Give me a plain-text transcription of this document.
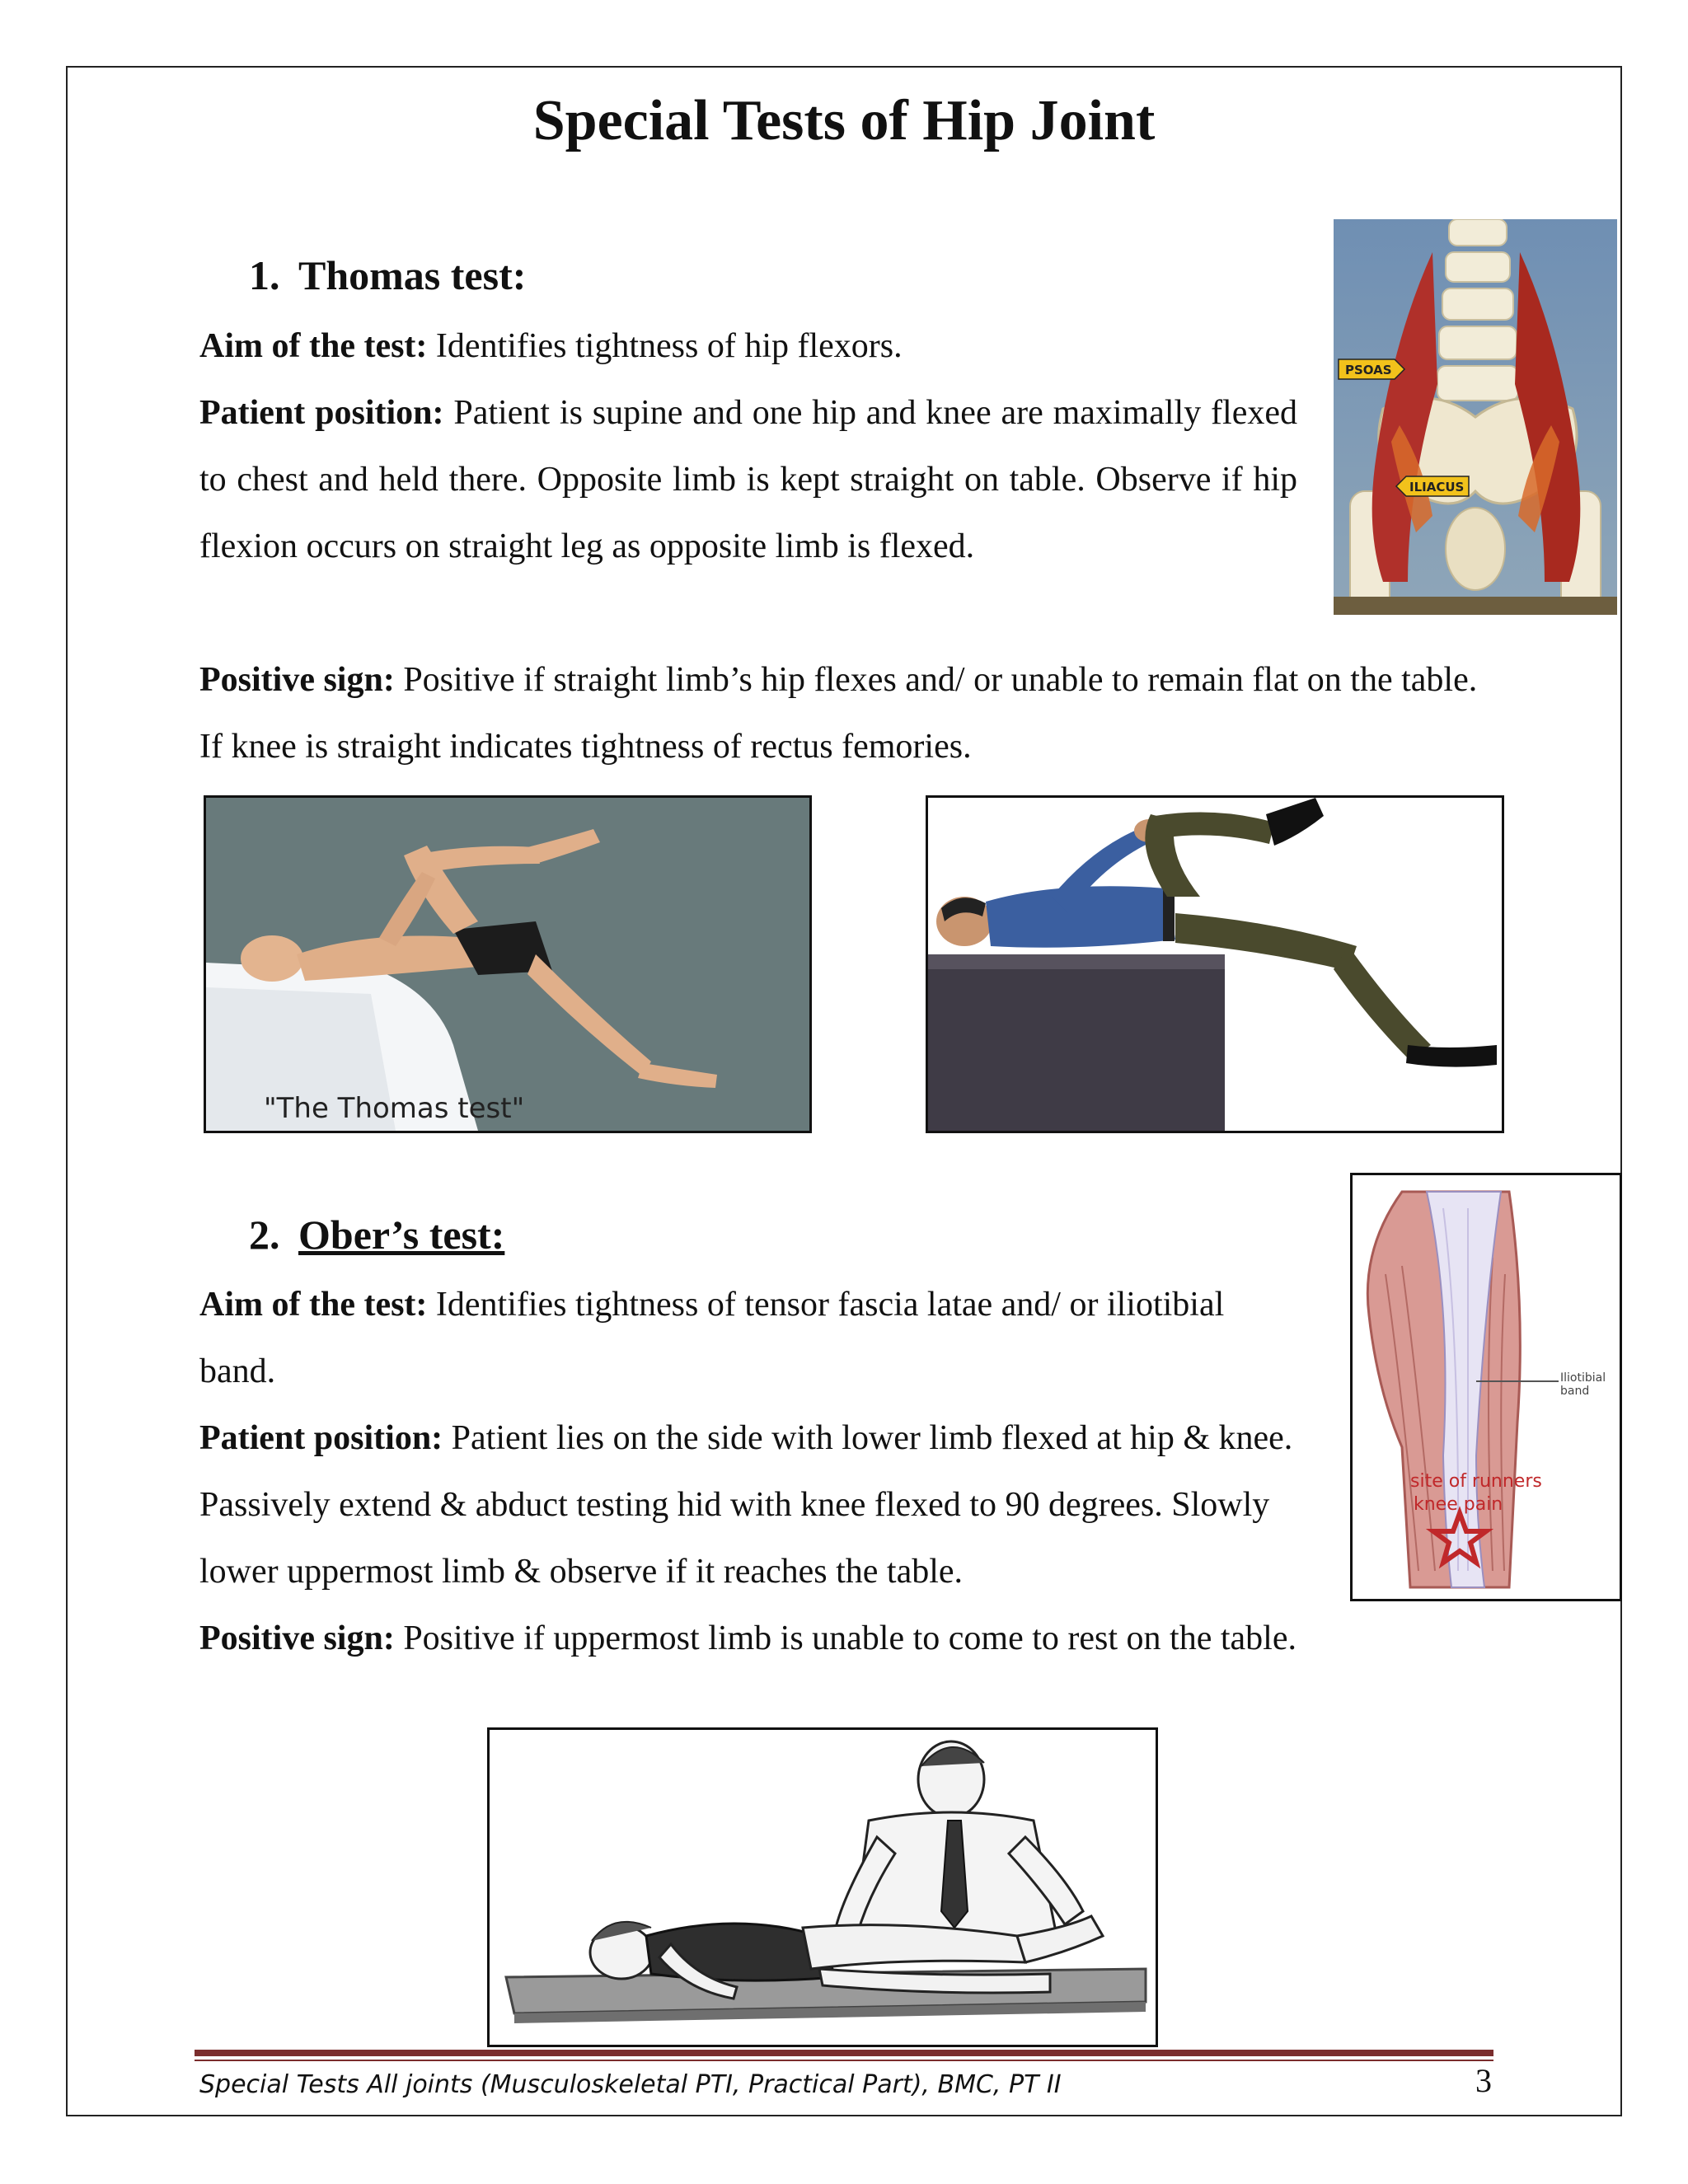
Special Tests of Hip Joint
1. Thomas test:

Aim of the test: Identifies tightness of hip flexors.

Patient position: Patient is supine and one hip and knee are maximally flexed to chest and held there. Opposite limb is kept straight on table. Observe if hip flexion occurs on straight leg as opposite limb is flexed.

Positive sign: Positive if straight limb’s hip flexes and/ or unable to remain flat on the table. If knee is straight indicates tightness of rectus femories.

PSOAS
ILIACUS
"The Thomas test"
2. Ober’s test:

Aim of the test: Identifies tightness of tensor fascia latae and/ or iliotibial band.

Patient position: Patient lies on the side with lower limb flexed at hip & knee. Passively extend & abduct testing hid with knee flexed to 90 degrees. Slowly lower uppermost limb & observe if it reaches the table.

Positive sign: Positive if uppermost limb is unable to come to rest on the table.

Iliotibial band
site of runners knee pain
Special Tests All joints (Musculoskeletal PTI, Practical Part), BMC, PT II	3
